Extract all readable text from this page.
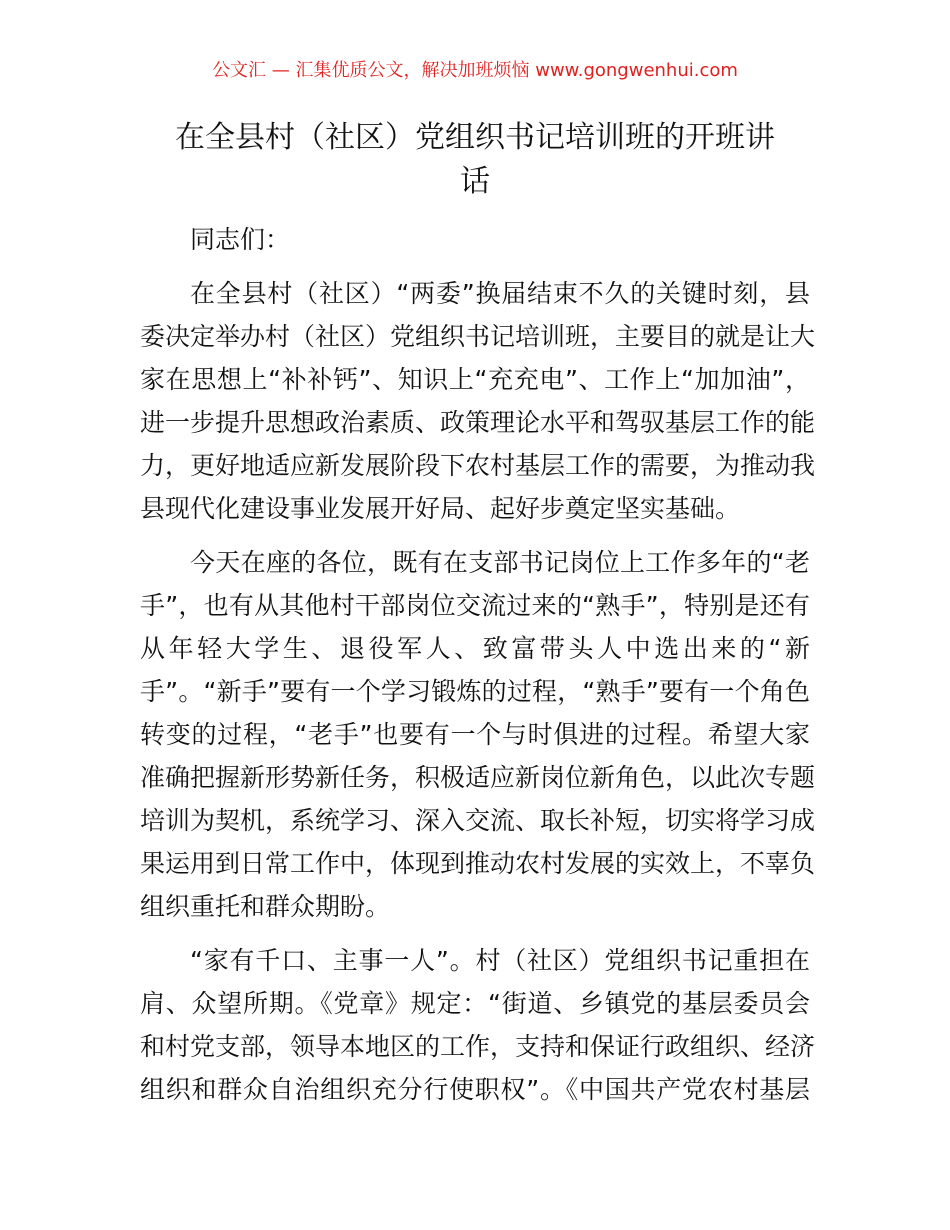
公文汇 — 汇集优质公文，解决加班烦恼 www.gongwenhui.com
在全县村（社区）党组织书记培训班的开班讲
话
同志们：
在全县村（社区）“两委”换届结束不久的关键时刻，县
委决定举办村（社区）党组织书记培训班，主要目的就是让大
家在思想上“补补钙”、知识上“充充电”、工作上“加加油”，
进一步提升思想政治素质、政策理论水平和驾驭基层工作的能
力，更好地适应新发展阶段下农村基层工作的需要，为推动我
县现代化建设事业发展开好局、起好步奠定坚实基础。
今天在座的各位，既有在支部书记岗位上工作多年的“老
手”，也有从其他村干部岗位交流过来的“熟手”，特别是还有
从年轻大学生、退役军人、致富带头人中选出来的“新
手”。“新手”要有一个学习锻炼的过程，“熟手”要有一个角色
转变的过程，“老手”也要有一个与时俱进的过程。希望大家
准确把握新形势新任务，积极适应新岗位新角色，以此次专题
培训为契机，系统学习、深入交流、取长补短，切实将学习成
果运用到日常工作中，体现到推动农村发展的实效上，不辜负
组织重托和群众期盼。
“家有千口、主事一人”。村（社区）党组织书记重担在
肩、众望所期。《党章》规定：“街道、乡镇党的基层委员会
和村党支部，领导本地区的工作，支持和保证行政组织、经济
组织和群众自治组织充分行使职权”。《中国共产党农村基层
